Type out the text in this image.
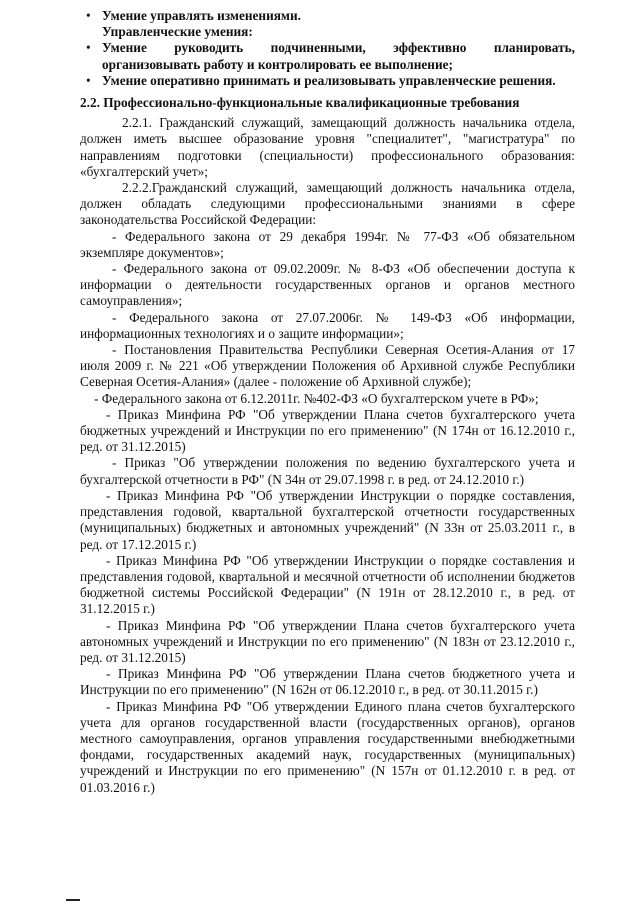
• Умение управлять изменениями.
Управленческие умения:
• Умение руководить подчиненными, эффективно планировать, организовывать работу и контролировать ее выполнение;
• Умение оперативно принимать и реализовывать управленческие решения.
2.2. Профессионально-функциональные квалификационные требования

2.2.1. Гражданский служащий, замещающий должность начальника отдела, должен иметь высшее образование уровня "специалитет", "магистратура" по направлениям подготовки (специальности) профессионального образования: «бухгалтерский учет»;

2.2.2.Гражданский служащий, замещающий должность начальника отдела, должен обладать следующими профессиональными знаниями в сфере законодательства Российской Федерации:

- Федерального закона от 29 декабря 1994г. № 77-ФЗ «Об обязательном экземпляре документов»;

- Федерального закона от 09.02.2009г. № 8-ФЗ «Об обеспечении доступа к информации о деятельности государственных органов и органов местного самоуправления»;

- Федерального закона от 27.07.2006г. № 149-ФЗ «Об информации, информационных технологиях и о защите информации»;

- Постановления Правительства Республики Северная Осетия-Алания от 17 июля 2009 г. № 221 «Об утверждении Положения об Архивной службе Республики Северная Осетия-Алания» (далее - положение об Архивной службе);

- Федерального закона от 6.12.2011г. №402-ФЗ «О бухгалтерском учете в РФ»;

- Приказ Минфина РФ "Об утверждении Плана счетов бухгалтерского учета бюджетных учреждений и Инструкции по его применению" (N 174н от 16.12.2010 г., ред. от 31.12.2015)

- Приказ "Об утверждении положения по ведению бухгалтерского учета и бухгалтерской отчетности в РФ" (N 34н от 29.07.1998 г. в ред. от 24.12.2010 г.)

- Приказ Минфина РФ "Об утверждении Инструкции о порядке составления, представления годовой, квартальной бухгалтерской отчетности государственных (муниципальных) бюджетных и автономных учреждений" (N 33н от 25.03.2011 г., в ред. от 17.12.2015 г.)

- Приказ Минфина РФ "Об утверждении Инструкции о порядке составления и представления годовой, квартальной и месячной отчетности об исполнении бюджетов бюджетной системы Российской Федерации" (N 191н от 28.12.2010 г., в ред. от 31.12.2015 г.)

- Приказ Минфина РФ "Об утверждении Плана счетов бухгалтерского учета автономных учреждений и Инструкции по его применению" (N 183н от 23.12.2010 г., ред. от 31.12.2015)

- Приказ Минфина РФ "Об утверждении Плана счетов бюджетного учета и Инструкции по его применению" (N 162н от 06.12.2010 г., в ред. от 30.11.2015 г.)

- Приказ Минфина РФ "Об утверждении Единого плана счетов бухгалтерского учета для органов государственной власти (государственных органов), органов местного самоуправления, органов управления государственными внебюджетными фондами, государственных академий наук, государственных (муниципальных) учреждений и Инструкции по его применению" (N 157н от 01.12.2010 г. в ред. от 01.03.2016 г.)
